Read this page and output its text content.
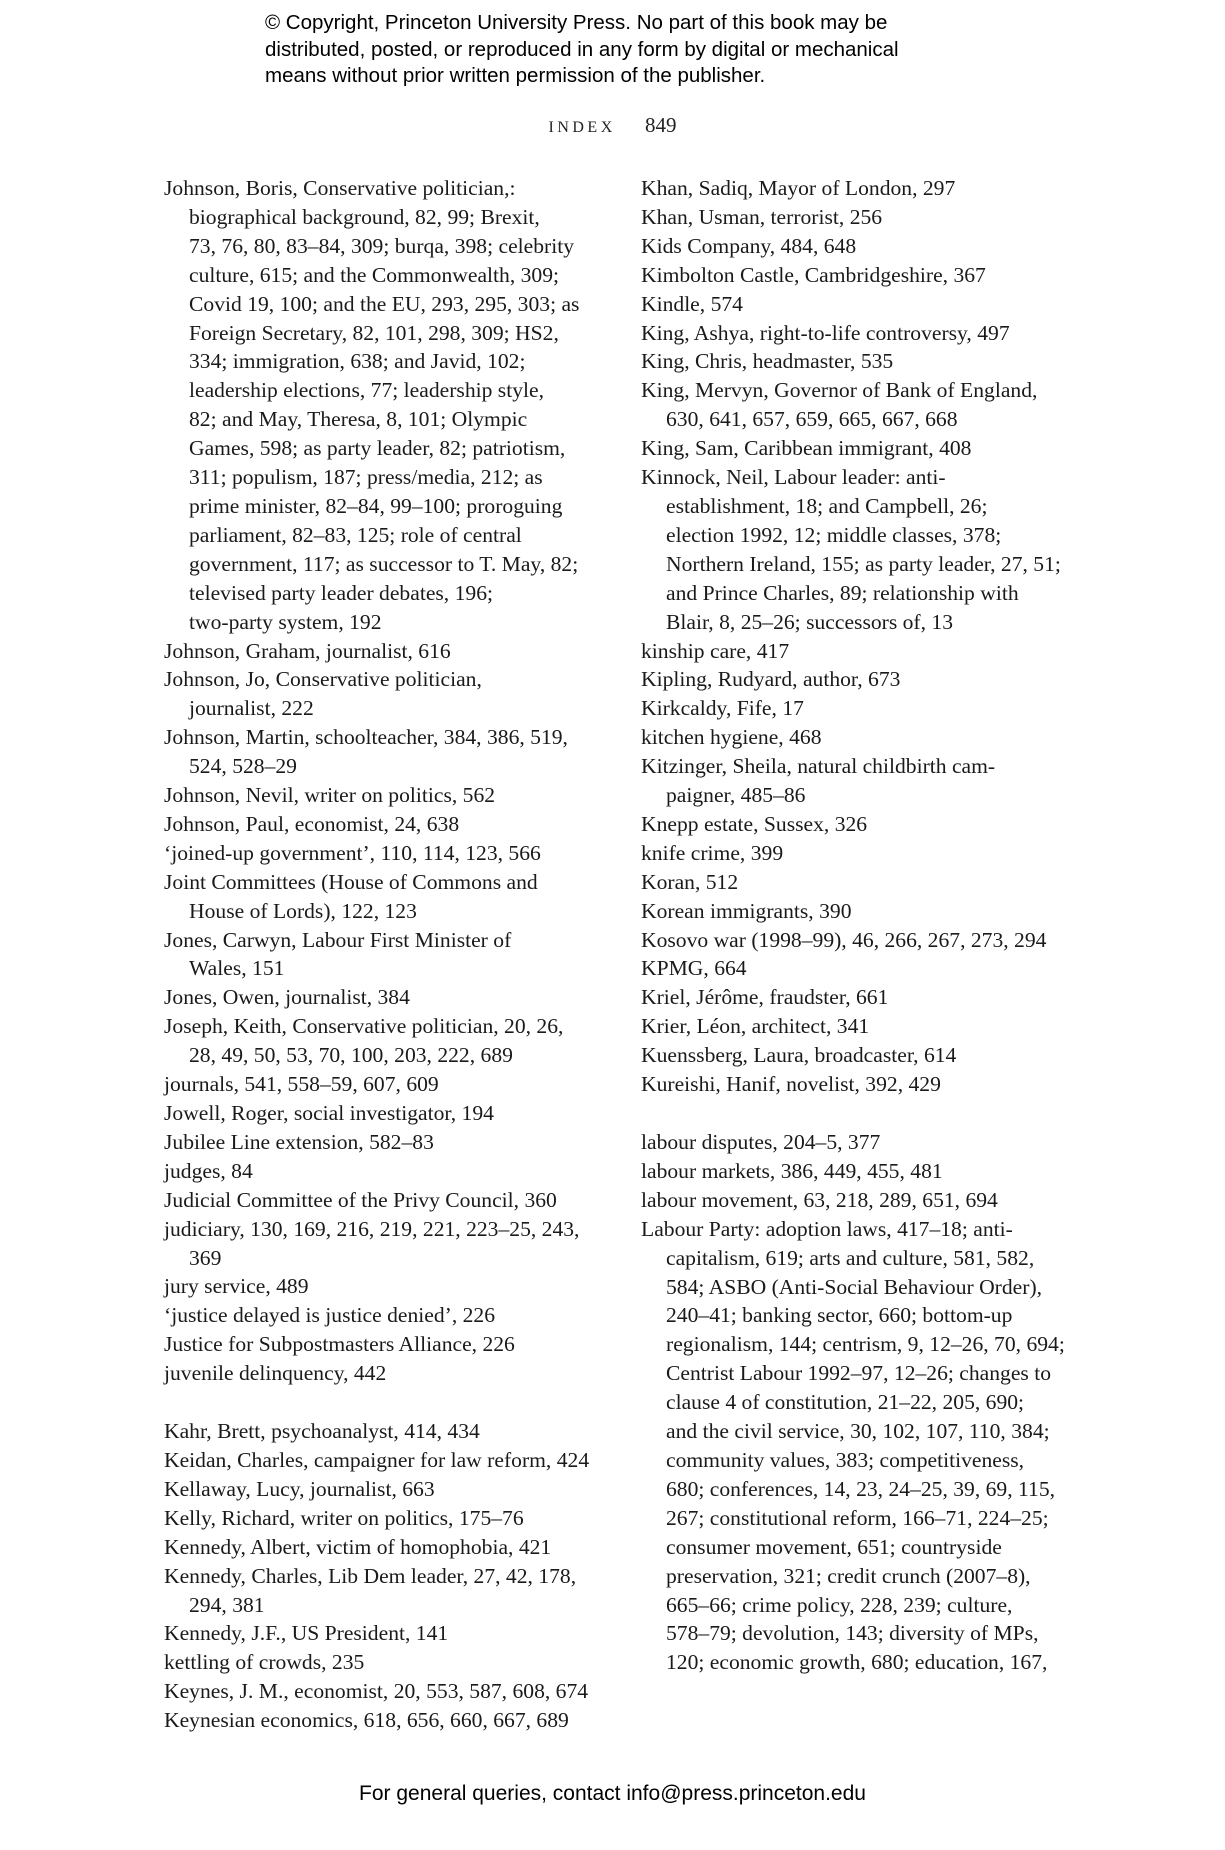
© Copyright, Princeton University Press. No part of this book may be
distributed, posted, or reproduced in any form by digital or mechanical
means without prior written permission of the publisher.
INDEX 849
Johnson, Boris, Conservative politician,:
biographical background, 82, 99; Brexit,
73, 76, 80, 83–84, 309; burqa, 398; celebrity
culture, 615; and the Commonwealth, 309;
Covid 19, 100; and the EU, 293, 295, 303; as
Foreign Secretary, 82, 101, 298, 309; HS2,
334; immigration, 638; and Javid, 102;
leadership elections, 77; leadership style,
82; and May, Theresa, 8, 101; Olympic
Games, 598; as party leader, 82; patriotism,
311; populism, 187; press/media, 212; as
prime minister, 82–84, 99–100; proroguing
parliament, 82–83, 125; role of central
government, 117; as successor to T. May, 82;
televised party leader debates, 196;
two-party system, 192
Johnson, Graham, journalist, 616
Johnson, Jo, Conservative politician,
journalist, 222
Johnson, Martin, schoolteacher, 384, 386, 519,
524, 528–29
Johnson, Nevil, writer on politics, 562
Johnson, Paul, economist, 24, 638
‘joined-up government’, 110, 114, 123, 566
Joint Committees (House of Commons and
House of Lords), 122, 123
Jones, Carwyn, Labour First Minister of
Wales, 151
Jones, Owen, journalist, 384
Joseph, Keith, Conservative politician, 20, 26,
28, 49, 50, 53, 70, 100, 203, 222, 689
journals, 541, 558–59, 607, 609
Jowell, Roger, social investigator, 194
Jubilee Line extension, 582–83
judges, 84
Judicial Committee of the Privy Council, 360
judiciary, 130, 169, 216, 219, 221, 223–25, 243, 369
jury service, 489
‘justice delayed is justice denied’, 226
Justice for Subpostmasters Alliance, 226
juvenile delinquency, 442
Kahr, Brett, psychoanalyst, 414, 434
Keidan, Charles, campaigner for law reform, 424
Kellaway, Lucy, journalist, 663
Kelly, Richard, writer on politics, 175–76
Kennedy, Albert, victim of homophobia, 421
Kennedy, Charles, Lib Dem leader, 27, 42, 178,
294, 381
Kennedy, J.F., US President, 141
kettling of crowds, 235
Keynes, J. M., economist, 20, 553, 587, 608, 674
Keynesian economics, 618, 656, 660, 667, 689
Khan, Sadiq, Mayor of London, 297
Khan, Usman, terrorist, 256
Kids Company, 484, 648
Kimbolton Castle, Cambridgeshire, 367
Kindle, 574
King, Ashya, right-to-life controversy, 497
King, Chris, headmaster, 535
King, Mervyn, Governor of Bank of England,
630, 641, 657, 659, 665, 667, 668
King, Sam, Caribbean immigrant, 408
Kinnock, Neil, Labour leader: anti-
establishment, 18; and Campbell, 26;
election 1992, 12; middle classes, 378;
Northern Ireland, 155; as party leader, 27, 51;
and Prince Charles, 89; relationship with
Blair, 8, 25–26; successors of, 13
kinship care, 417
Kipling, Rudyard, author, 673
Kirkcaldy, Fife, 17
kitchen hygiene, 468
Kitzinger, Sheila, natural childbirth cam-
paigner, 485–86
Knepp estate, Sussex, 326
knife crime, 399
Koran, 512
Korean immigrants, 390
Kosovo war (1998–99), 46, 266, 267, 273, 294
KPMG, 664
Kriel, Jérôme, fraudster, 661
Krier, Léon, architect, 341
Kuenssberg, Laura, broadcaster, 614
Kureishi, Hanif, novelist, 392, 429
labour disputes, 204–5, 377
labour markets, 386, 449, 455, 481
labour movement, 63, 218, 289, 651, 694
Labour Party: adoption laws, 417–18; anti-
capitalism, 619; arts and culture, 581, 582,
584; ASBO (Anti-Social Behaviour Order),
240–41; banking sector, 660; bottom-up
regionalism, 144; centrism, 9, 12–26, 70, 694;
Centrist Labour 1992–97, 12–26; changes to
clause 4 of constitution, 21–22, 205, 690;
and the civil service, 30, 102, 107, 110, 384;
community values, 383; competitiveness,
680; conferences, 14, 23, 24–25, 39, 69, 115,
267; constitutional reform, 166–71, 224–25;
consumer movement, 651; countryside
preservation, 321; credit crunch (2007–8),
665–66; crime policy, 228, 239; culture,
578–79; devolution, 143; diversity of MPs,
120; economic growth, 680; education, 167,
For general queries, contact info@press.princeton.edu
